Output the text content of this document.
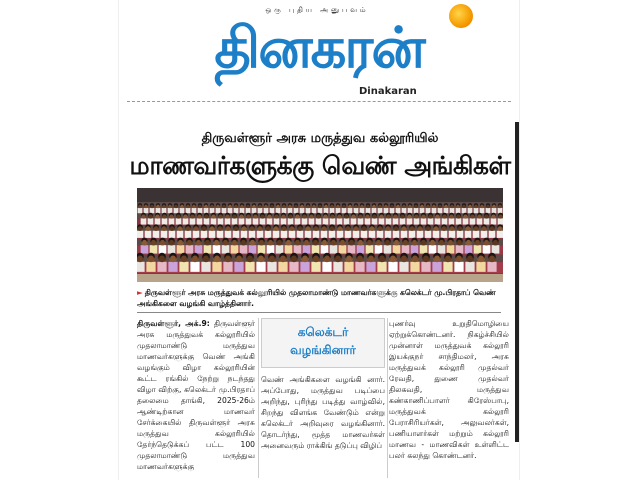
ஒரு புதிய அனுபவம்
தினகரன்
Dinakaran
திருவள்ளூர் அரசு மருத்துவ கல்லூரியில்
மாணவர்களுக்கு வெண் அங்கிகள்
► திருவள்ளூர் அரசு மருத்துவக் கல்லூரியில் முதலாமாண்டு மாணவர்களுக்கு கலெக்டர் மு.பிரதாப் வெண் அங்கிகளை வழங்கி வாழ்த்தினார்.
திருவள்ளூர், அக்.9: திருவள்ளூர் அரசு மருத்துவக் கல்லூரியில் முதலாமாண்டு மருத்துவ மாணவர்களுக்கு வெண் அங்கி வழங்கும் விழா கல்லூரியின் கூட்ட ரங்கில் நேற்று நடந்தது விழா விற்கு, கலெக்டர் மு.பிரதாப் தலைமை தாங்கி, 2025-26ம் ஆண்டிற்கான மாணவர் சேர்க்கையில் திருவள்ளூர் அரசு மருத்துவ கல்லூரியில் தேர்ந்தெடுக்கப் பட்ட 100 முதலாமாண்டு மருத்துவ மாணவர்களுக்கு
வெண் அங்கிகளை வழங்கி னார். அப்போது, மருத்துவ படிப்பை அறிந்து, புரிந்து படித்து வாழ்வில், சிறந்து விளங்க வேண்டும் என்று கலெக்டர் அறிவுரை வழங்கினார். தொடர்ந்து, மூத்த மாணவர்கள் அனைவரும் ராக்கிங் தடுப்பு விழிப்
கலெக்டர்
வழங்கினார்
புணர்வு உறுதிமொழியை ஏற்றுக்கொண்டனர். நிகழ்ச்சியில் முன்னாள் மருத்துவக் கல்லூரி இயக்குநர் சாந்திமலர், அரசு மருத்துவக் கல்லூரி முதல்வர் ரேவதி, துணை முதல்வர் திலகவதி, மருத்துவ கண்காணிப்பாளர் கிரேஸ்பாபு, மருத்துவக் கல்லூரி பேராசிரியர்கள், அலுவலர்கள், பணியாளர்கள் மற்றும் கல்லூரி மாணவ - மாணவிகள் உள்ளிட்ட பலர் கலந்து கொண்டனர்.
